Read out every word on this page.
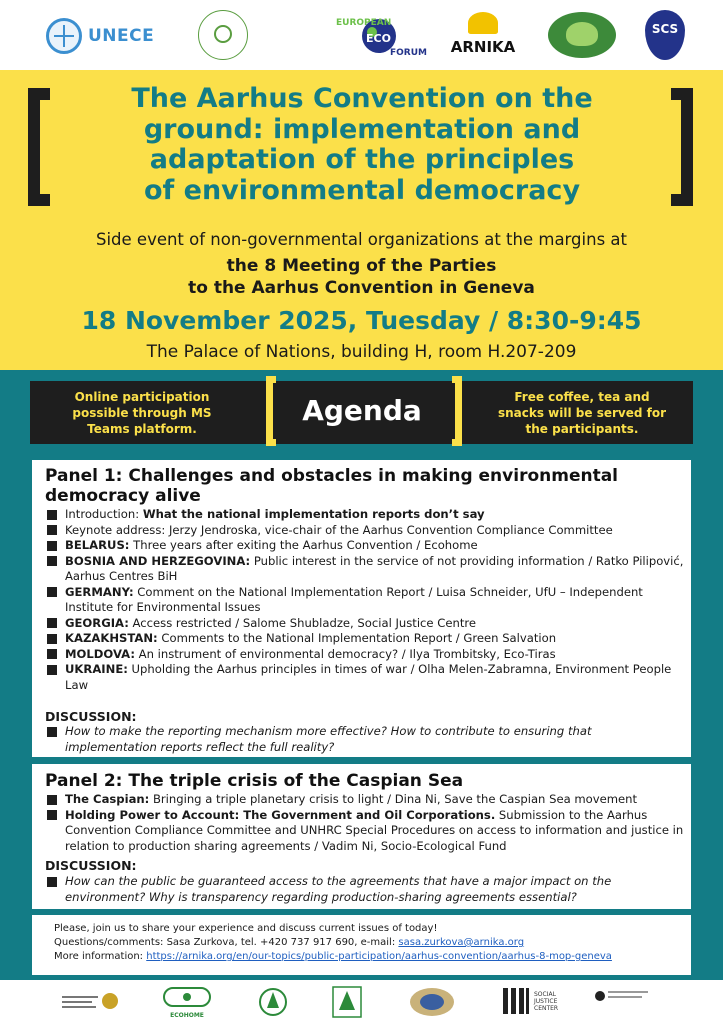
UNECE
EUROPEAN
ECO
FORUM ARNIKA
SCS
The Aarhus Convention on the
ground: implementation and
adaptation of the principles
of environmental democracy

Side event of non-governmental organizations at the margins at

the 8 Meeting of the Parties
to the Aarhus Convention in Geneva

18 November 2025, Tuesday / 8:30-9:45

The Palace of Nations, building H, room H.207-209

Online participation possible through MS Teams platform.
Agenda	Free coffee, tea and snacks will be served for the participants.
Panel 1: Challenges and obstacles in making environmental democracy alive
Introduction: What the national implementation reports don’t say
Keynote address: Jerzy Jendroska, vice-chair of the Aarhus Convention Compliance Committee
BELARUS: Three years after exiting the Aarhus Convention / Ecohome
BOSNIA AND HERZEGOVINA: Public interest in the service of not providing information / Ratko Pilipović, Aarhus Centres BiH
GERMANY: Comment on the National Implementation Report / Luisa Schneider, UfU – Independent Institute for Environmental Issues
GEORGIA: Access restricted / Salome Shubladze, Social Justice Centre
KAZAKHSTAN: Comments to the National Implementation Report / Green Salvation
MOLDOVA: An instrument of environmental democracy? / Ilya Trombitsky, Eco-Tiras
UKRAINE: Upholding the Aarhus principles in times of war / Olha Melen-Zabramna, Environment People Law

DISCUSSION:

How to make the reporting mechanism more effective? How to contribute to ensuring that implementation reports reflect the full reality?
Panel 2: The triple crisis of the Caspian Sea
The Caspian: Bringing a triple planetary crisis to light / Dina Ni, Save the Caspian Sea movement
Holding Power to Account: The Government and Oil Corporations. Submission to the Aarhus Convention Compliance Committee and UNHRC Special Procedures on access to information and justice in relation to production sharing agreements / Vadim Ni, Socio-Ecological Fund

DISCUSSION:

How can the public be guaranteed access to the agreements that have a major impact on the environment? Why is transparency regarding production-sharing agreements essential?
Please, join us to share your experience and discuss current issues of today!
Questions/comments: Sasa Zurkova, tel. +420 737 917 690, e-mail: sasa.zurkova@arnika.org
More information: https://arnika.org/en/our-topics/public-participation/aarhus-convention/aarhus-8-mop-geneva
ECOHOME
SOCIAL JUSTICE CENTER
